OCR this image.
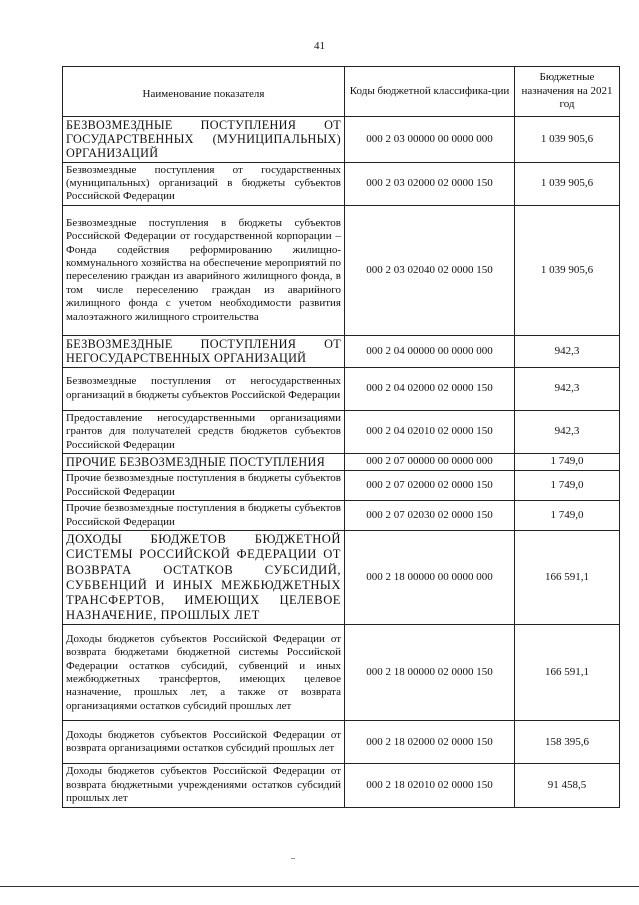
41
Наименование показателя	Коды бюджетной классифика-ции	Бюджетные назначения на 2021 год
БЕЗВОЗМЕЗДНЫЕ ПОСТУПЛЕНИЯ ОТ ГОСУДАРСТВЕННЫХ (МУНИЦИПАЛЬНЫХ) ОРГАНИЗАЦИЙ	000 2 03 00000 00 0000 000	1 039 905,6
Безвозмездные поступления от государственных (муниципальных) организаций в бюджеты субъектов Российской Федерации	000 2 03 02000 02 0000 150	1 039 905,6
Безвозмездные поступления в бюджеты субъектов Российской Федерации от государственной корпорации – Фонда содействия реформированию жилищно-коммунального хозяйства на обеспечение мероприятий по переселению граждан из аварийного жилищного фонда, в том числе переселению граждан из аварийного жилищного фонда с учетом необходимости развития малоэтажного жилищного строительства	000 2 03 02040 02 0000 150	1 039 905,6
БЕЗВОЗМЕЗДНЫЕ ПОСТУПЛЕНИЯ ОТ НЕГОСУДАРСТВЕННЫХ ОРГАНИЗАЦИЙ	000 2 04 00000 00 0000 000	942,3
Безвозмездные поступления от негосударственных организаций в бюджеты субъектов Российской Федерации	000 2 04 02000 02 0000 150	942,3
Предоставление негосударственными организациями грантов для получателей средств бюджетов субъектов Российской Федерации	000 2 04 02010 02 0000 150	942,3
ПРОЧИЕ БЕЗВОЗМЕЗДНЫЕ ПОСТУПЛЕНИЯ	000 2 07 00000 00 0000 000	1 749,0
Прочие безвозмездные поступления в бюджеты субъектов Российской Федерации	000 2 07 02000 02 0000 150	1 749,0
Прочие безвозмездные поступления в бюджеты субъектов Российской Федерации	000 2 07 02030 02 0000 150	1 749,0
ДОХОДЫ БЮДЖЕТОВ БЮДЖЕТНОЙ СИСТЕМЫ РОССИЙСКОЙ ФЕДЕРАЦИИ ОТ ВОЗВРАТА ОСТАТКОВ СУБСИДИЙ, СУБВЕНЦИЙ И ИНЫХ МЕЖБЮДЖЕТНЫХ ТРАНСФЕРТОВ, ИМЕЮЩИХ ЦЕЛЕВОЕ НАЗНАЧЕНИЕ, ПРОШЛЫХ ЛЕТ	000 2 18 00000 00 0000 000	166 591,1
Доходы бюджетов субъектов Российской Федерации от возврата бюджетами бюджетной системы Российской Федерации остатков субсидий, субвенций и иных межбюджетных трансфертов, имеющих целевое назначение, прошлых лет, а также от возврата организациями остатков субсидий прошлых лет	000 2 18 00000 02 0000 150	166 591,1
Доходы бюджетов субъектов Российской Федерации от возврата организациями остатков субсидий прошлых лет	000 2 18 02000 02 0000 150	158 395,6
Доходы бюджетов субъектов Российской Федерации от возврата бюджетными учреждениями остатков субсидий прошлых лет	000 2 18 02010 02 0000 150	91 458,5
